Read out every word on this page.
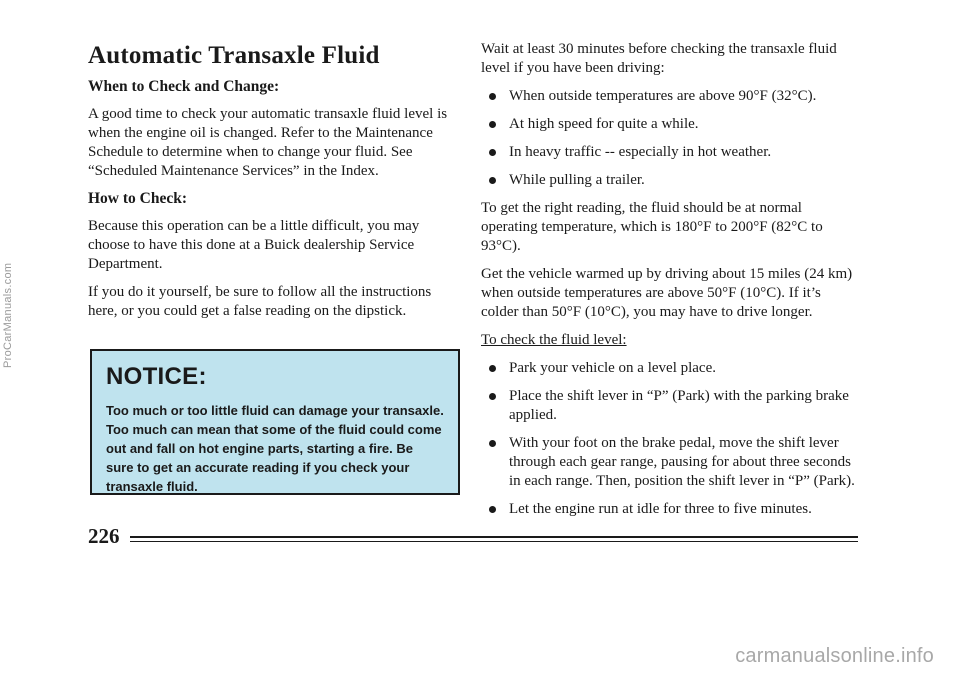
ProCarManuals.com
Automatic Transaxle Fluid
When to Check and Change:

A good time to check your automatic transaxle fluid level is when the engine oil is changed. Refer to the Maintenance Schedule to determine when to change your fluid. See “Scheduled Maintenance Services” in the Index.

How to Check:

Because this operation can be a little difficult, you may choose to have this done at a Buick dealership Service Department.

If you do it yourself, be sure to follow all the instructions here, or you could get a false reading on the dipstick.

NOTICE:

Too much or too little fluid can damage your transaxle. Too much can mean that some of the fluid could come out and fall on hot engine parts, starting a fire. Be sure to get an accurate reading if you check your transaxle fluid.

Wait at least 30 minutes before checking the transaxle fluid level if you have been driving:

When outside temperatures are above 90°F (32°C).
At high speed for quite a while.
In heavy traffic -- especially in hot weather.
While pulling a trailer.

To get the right reading, the fluid should be at normal operating temperature, which is 180°F to 200°F (82°C to 93°C).

Get the vehicle warmed up by driving about 15 miles (24 km) when outside temperatures are above 50°F (10°C). If it’s colder than 50°F (10°C), you may have to drive longer.

To check the fluid level:
Park your vehicle on a level place.
Place the shift lever in “P” (Park) with the parking brake applied.
With your foot on the brake pedal, move the shift lever through each gear range, pausing for about three seconds in each range. Then, position the shift lever in “P” (Park).
Let the engine run at idle for three to five minutes.
226
carmanualsonline.info
